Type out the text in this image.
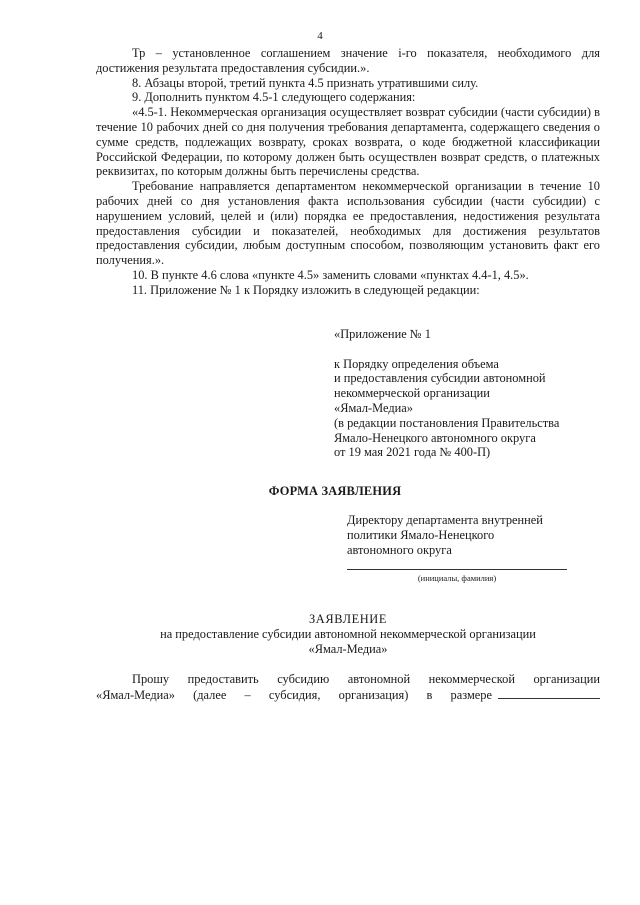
4

Тр – установленное соглашением значение i-го показателя, необходимого для достижения результата предоставления субсидии.».

8. Абзацы второй, третий пункта 4.5 признать утратившими силу.

9. Дополнить пунктом 4.5-1 следующего содержания:

«4.5-1. Некоммерческая организация осуществляет возврат субсидии (части субсидии) в течение 10 рабочих дней со дня получения требования департамента, содержащего сведения о сумме средств, подлежащих возврату, сроках возврата, о коде бюджетной классификации Российской Федерации, по которому должен быть осуществлен возврат средств, о платежных реквизитах, по которым должны быть перечислены средства.

Требование направляется департаментом некоммерческой организации в течение 10 рабочих дней со дня установления факта использования субсидии (части субсидии) с нарушением условий, целей и (или) порядка ее предоставления, недостижения результата предоставления субсидии и показателей, необходимых для достижения результатов предоставления субсидии, любым доступным способом, позволяющим установить факт его получения.».

10. В пункте 4.6 слова «пункте 4.5» заменить словами «пунктах 4.4-1, 4.5».

11. Приложение № 1 к Порядку изложить в следующей редакции:

«Приложение № 1

к Порядку определения объема

и предоставления субсидии автономной

некоммерческой организации

«Ямал-Медиа»

(в редакции постановления Правительства

Ямало-Ненецкого автономного округа

от 19 мая 2021 года № 400-П)

ФОРМА ЗАЯВЛЕНИЯ

Директору департамента внутренней

политики Ямало-Ненецкого

автономного округа

(инициалы, фамилия)
ЗАЯВЛЕНИЕ
на предоставление субсидии автономной некоммерческой организации
«Ямал-Медиа»
Прошу предоставить субсидию автономной некоммерческой организации
«Ямал-Медиа» (далее – субсидия, организация) в размере
